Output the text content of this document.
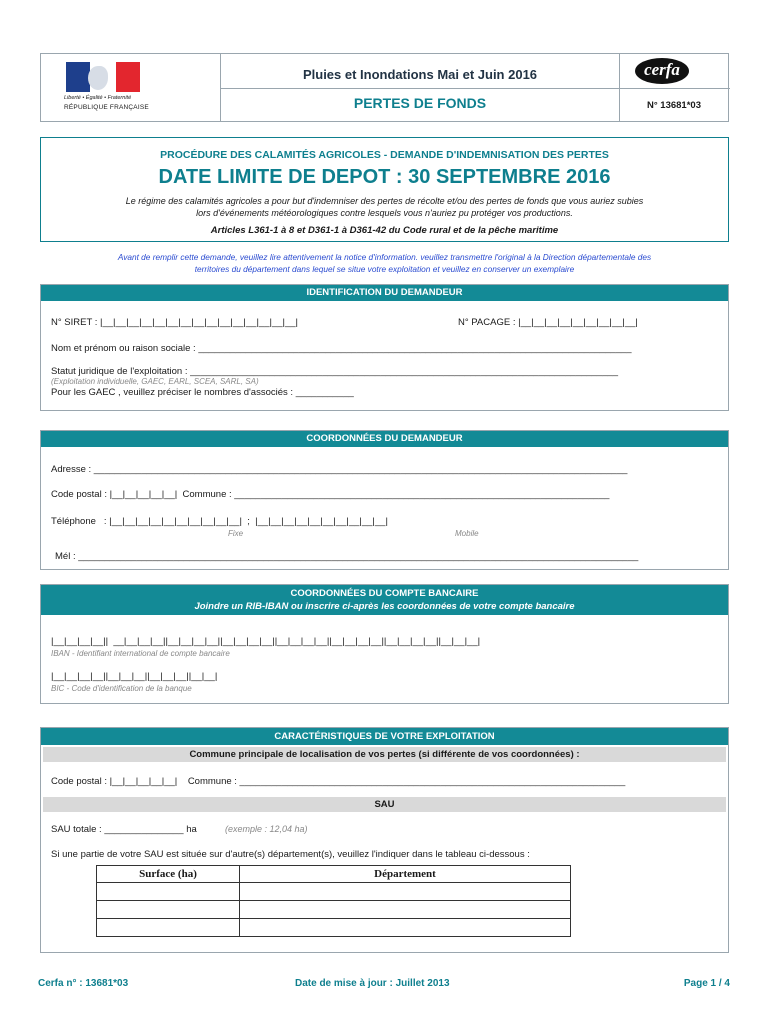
Liberté • Égalité • Fraternité
RÉPUBLIQUE FRANÇAISE
Pluies et Inondations Mai et Juin 2016
PERTES DE FONDS
cerfa
N° 13681*03
PROCÉDURE DES CALAMITÉS AGRICOLES - DEMANDE D'INDEMNISATION DES PERTES
DATE LIMITE DE DEPOT : 30 SEPTEMBRE 2016
Le régime des calamités agricoles a pour but d'indemniser des pertes de récolte et/ou des pertes de fonds que vous auriez subies
lors d'événements météorologiques contre lesquels vous n'auriez pu protéger vos productions.
Articles L361-1 à 8 et D361-1 à D361-42 du Code rural et de la pêche maritime
Avant de remplir cette demande, veuillez lire attentivement la notice d'information. veuillez transmettre l'original à la Direction départementale des
territoires du département dans lequel se situe votre exploitation et veuillez en conserver un exemplaire
IDENTIFICATION DU DEMANDEUR
N° SIRET : |__|__|__|__|__|__|__|__|__|__|__|__|__|__|__|	N° PACAGE : |__|__|__|__|__|__|__|__|__|
Nom et prénom ou raison sociale : __________________________________________________________________________________
Statut juridique de l'exploitation : _________________________________________________________________________________
(Exploitation individuelle, GAEC, EARL, SCEA, SARL, SA)
Pour les GAEC , veuillez préciser le nombres d'associés : ___________
COORDONNÉES DU DEMANDEUR
Adresse : _____________________________________________________________________________________________________
Code postal : |__|__|__|__|__|  Commune : _______________________________________________________________________
Téléphone   : |__|__|__|__|__|__|__|__|__|__|  ;  |__|__|__|__|__|__|__|__|__|__|
Fixe	Mobile
Mél : __________________________________________________________________________________________________________
COORDONNÉES DU COMPTE BANCAIRE
Joindre un RIB-IBAN ou inscrire ci-après les coordonnées de votre compte bancaire
|__|__|__|__||  __|__|__|__||__|__|__|__||__|__|__|__||__|__|__|__||__|__|__|__||__|__|__|__||__|__|__|
IBAN - Identifiant international de compte bancaire
|__|__|__|__||__|__|__||__|__|__||__|__|
BIC - Code d'identification de la banque
CARACTÉRISTIQUES DE VOTRE EXPLOITATION
Commune principale de localisation de vos pertes (si différente de vos coordonnées) :
Code postal : |__|__|__|__|__|    Commune : _________________________________________________________________________
SAU
SAU totale : _______________ ha	(exemple : 12,04 ha)
Si une partie de votre SAU est située sur d'autre(s) département(s), veuillez l'indiquer dans le tableau ci-dessous :
Surface (ha)	Département

Cerfa n° : 13681*03	Date de mise à jour : Juillet 2013	Page 1 / 4
